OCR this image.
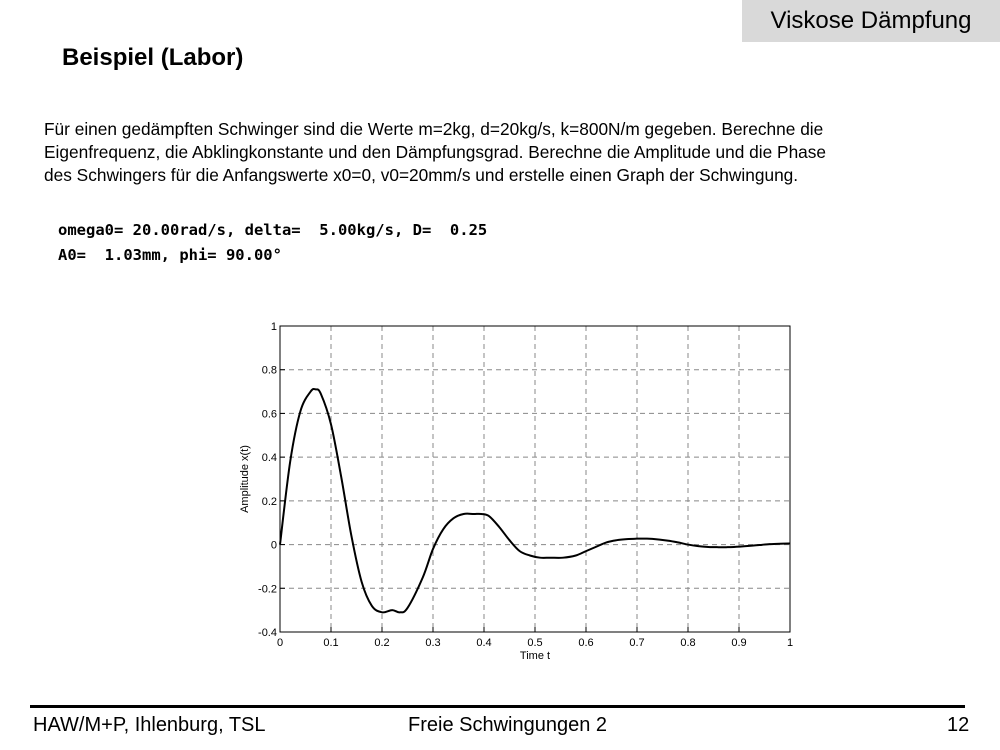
Viskose Dämpfung
Beispiel (Labor)
Für einen gedämpften Schwinger sind die Werte m=2kg, d=20kg/s, k=800N/m gegeben. Berechne die
Eigenfrequenz, die Abklingkonstante und den Dämpfungsgrad. Berechne die Amplitude und die Phase
des Schwingers für die Anfangswerte x0=0, v0=20mm/s und erstelle einen Graph der Schwingung.
omega0= 20.00rad/s, delta=  5.00kg/s, D=  0.25
A0=  1.03mm, phi= 90.00°
0	0.1	0.2	0.3	0.4	0.5	0.6	0.7	0.8	0.9	1
-0.4
-0.2
0
0.2
0.4
0.6
0.8
1
Time t
Amplitude x(t)
HAW/M+P, Ihlenburg, TSL	Freie Schwingungen 2	12
